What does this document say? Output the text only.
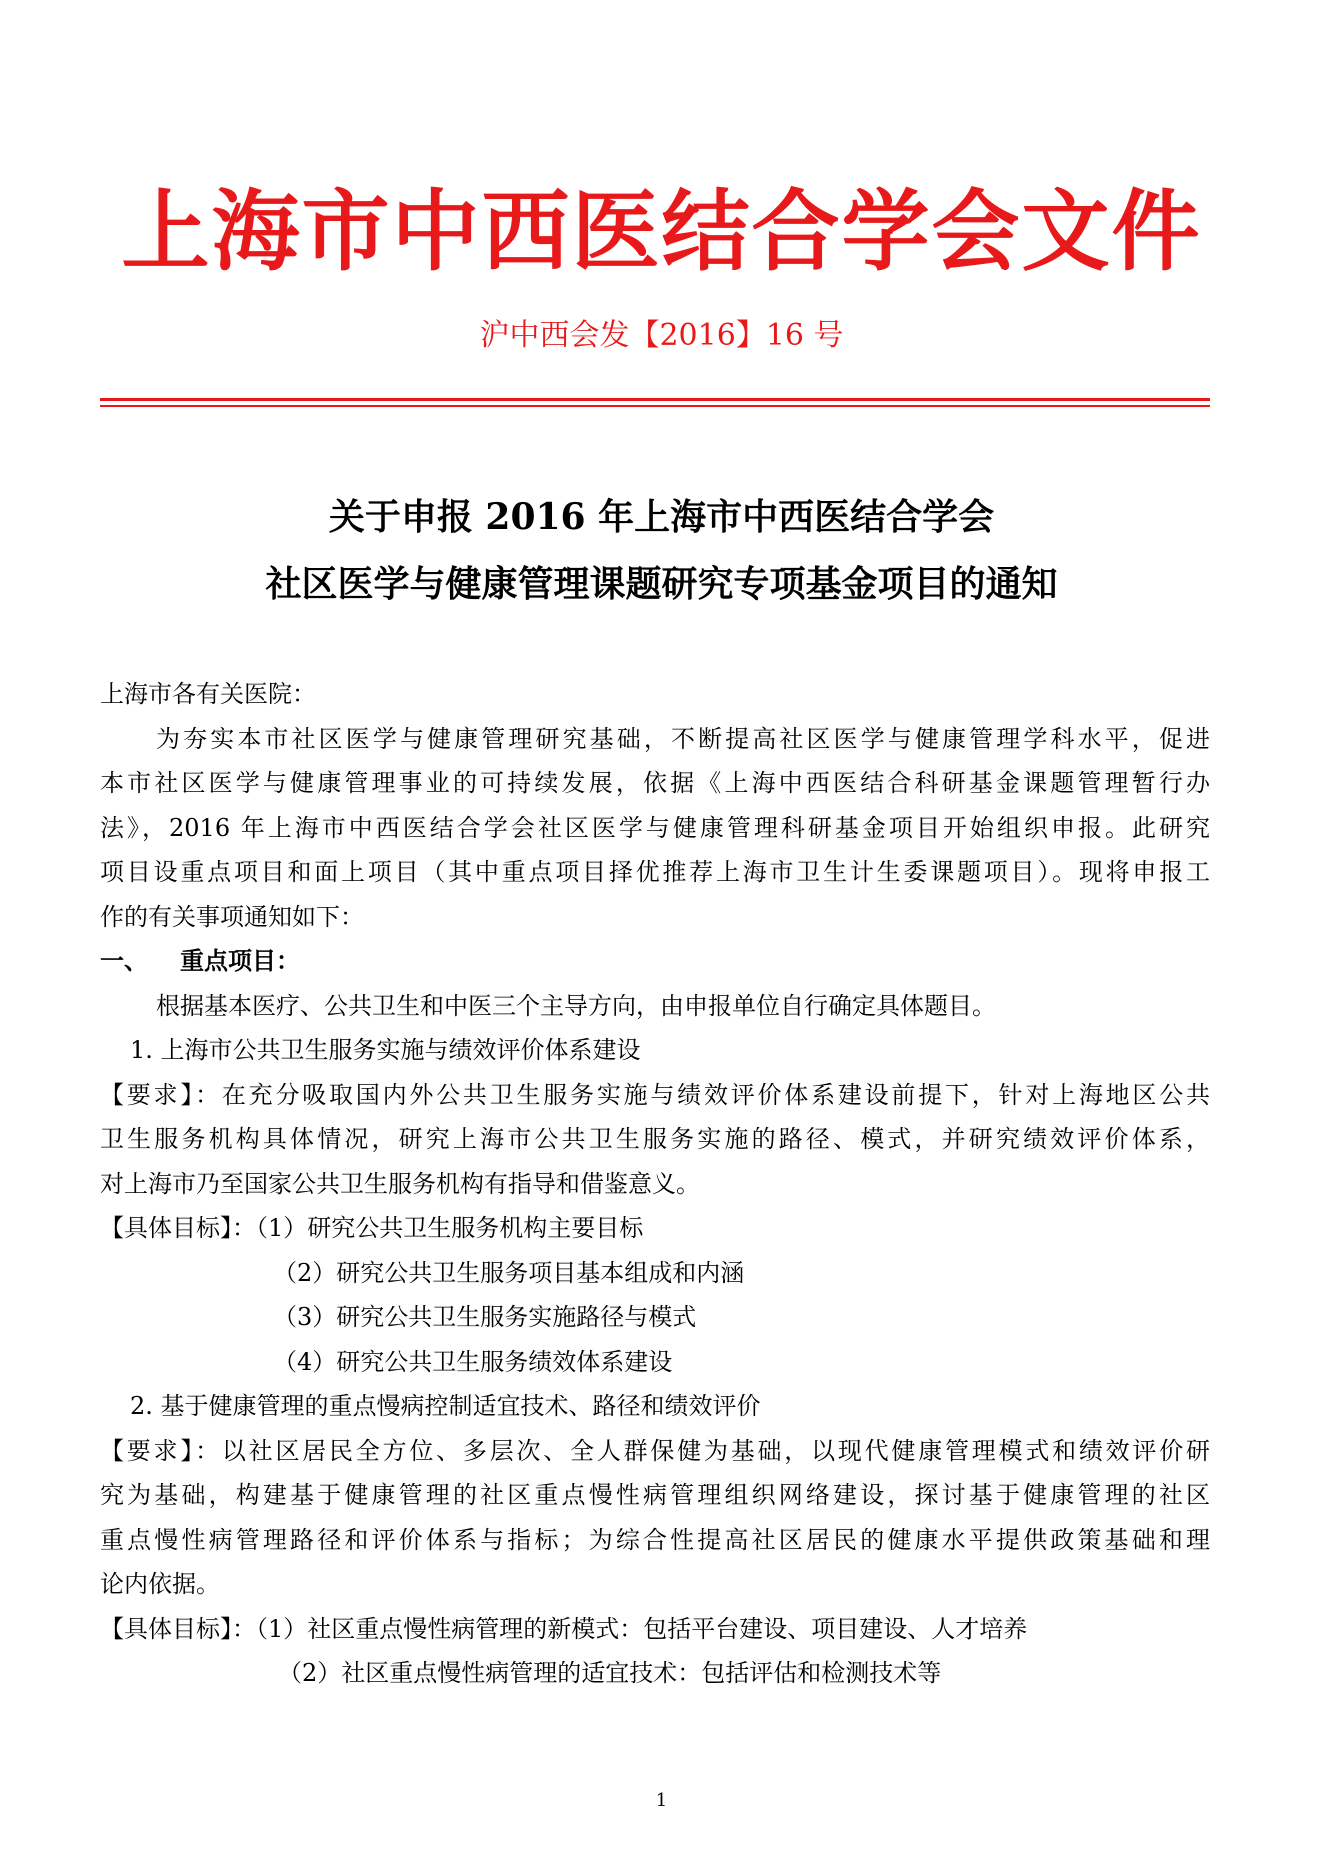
上海市中西医结合学会文件
沪中西会发【2016】16 号
关于申报 2016 年上海市中西医结合学会
社区医学与健康管理课题研究专项基金项目的通知
上海市各有关医院：
为夯实本市社区医学与健康管理研究基础，不断提高社区医学与健康管理学科水平，促进
本市社区医学与健康管理事业的可持续发展，依据《上海中西医结合科研基金课题管理暂行办
法》，2016 年上海市中西医结合学会社区医学与健康管理科研基金项目开始组织申报。此研究
项目设重点项目和面上项目（其中重点项目择优推荐上海市卫生计生委课题项目）。现将申报工
作的有关事项通知如下：
一、 重点项目：
根据基本医疗、公共卫生和中医三个主导方向，由申报单位自行确定具体题目。
1. 上海市公共卫生服务实施与绩效评价体系建设
【要求】：在充分吸取国内外公共卫生服务实施与绩效评价体系建设前提下，针对上海地区公共
卫生服务机构具体情况，研究上海市公共卫生服务实施的路径、模式，并研究绩效评价体系，
对上海市乃至国家公共卫生服务机构有指导和借鉴意义。
【具体目标】：（1）研究公共卫生服务机构主要目标
（2）研究公共卫生服务项目基本组成和内涵
（3）研究公共卫生服务实施路径与模式
（4）研究公共卫生服务绩效体系建设
2. 基于健康管理的重点慢病控制适宜技术、路径和绩效评价
【要求】：以社区居民全方位、多层次、全人群保健为基础，以现代健康管理模式和绩效评价研
究为基础，构建基于健康管理的社区重点慢性病管理组织网络建设，探讨基于健康管理的社区
重点慢性病管理路径和评价体系与指标；为综合性提高社区居民的健康水平提供政策基础和理
论内依据。
【具体目标】：（1）社区重点慢性病管理的新模式：包括平台建设、项目建设、人才培养
（2）社区重点慢性病管理的适宜技术：包括评估和检测技术等
1
